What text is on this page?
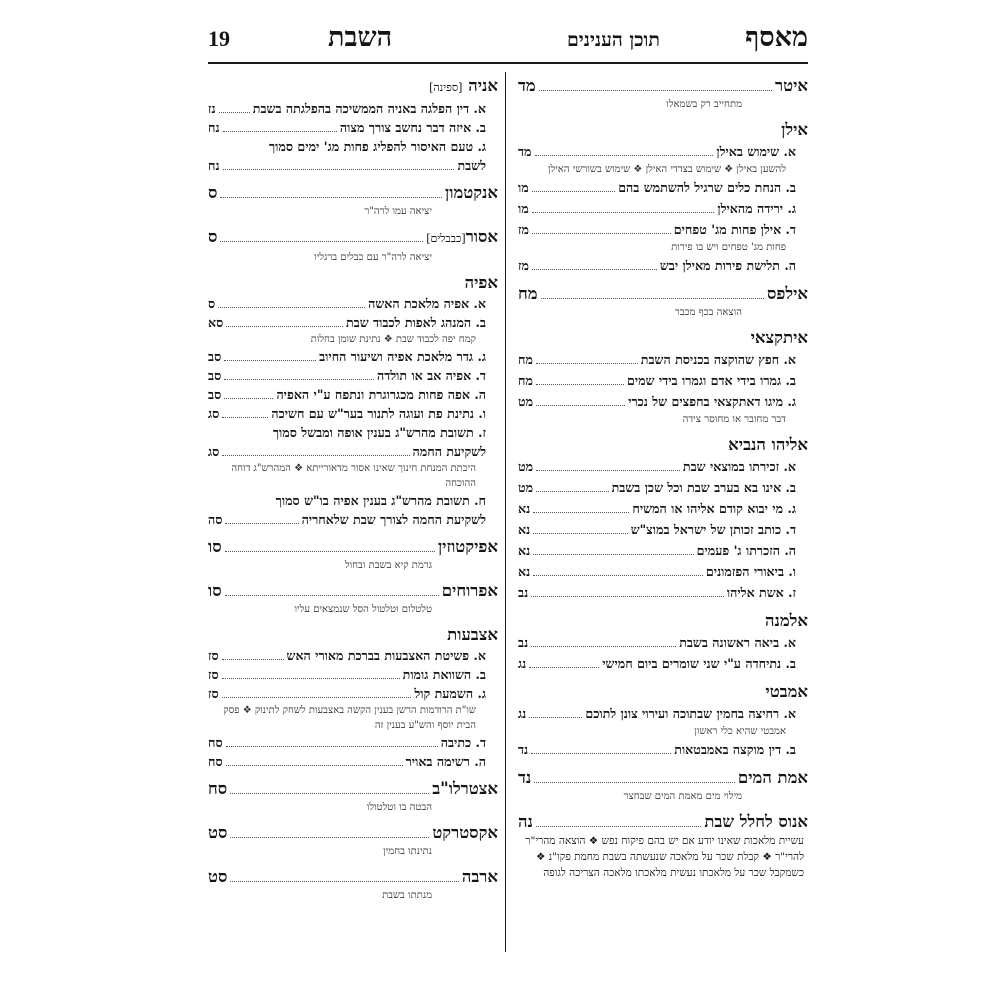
מאסף
תוכן הענינים
השבת
19
איטר
מד
מתחייב רק בשמאלו
אילן
א. שימוש באילן
מד
להשען באילן ❖ שימוש בצדדי האילן ❖ שימוש בשורשי האילן
ב. הנחת כלים שרגיל להשתמש בהם
מו
ג. ירידה מהאילן
מו
ד. אילן פחות מג' טפחים
מז
פחות מג' טפחים ויש בו פירות
ה. תלישת פירות מאילן יבש
מז
אילפס
מח
הוצאה בכף מכבר
איתקצאי
א. חפץ שהוקצה בכניסת השבת
מח
ב. גמרו בידי אדם וגמרו בידי שמים
מח
ג. מיגו דאתקצאי בחפצים של נכרי
מט
דבר מחובר או מחוסר צידה
אליהו הנביא
א. זכירתו במוצאי שבת
מט
ב. אינו בא בערב שבת וכל שכן בשבת
מט
ג. מי יבוא קודם אליהו או המשיח
נא
ד. כותב זכותן של ישראל במוצ"ש
נא
ה. הזכרתו ג' פעמים
נא
ו. ביאורי הפזמונים
נא
ז. אשת אליהו
נב
אלמנה
א. ביאה ראשונה בשבת
נב
ב. נתיחדה ע"י שני שומרים ביום חמישי
נג
אמבטי
א. רחיצה בחמין שבתוכה ועירוי צונן לתוכם
נג
אמבטי שהיא כלי ראשון
ב. דין מוקצה באמבטאות
נד
אמת המים
נד
מילוי מים מאמת המים שבחצר
אנוס לחלל שבת
נה
עשיית מלאכות שאינו יודע אם יש בהם פיקוח נפש ❖ הוצאה מהרי"ר להרי"ר ❖ קבלת שכר על מלאכה שנעשתה בשבת מחמת פקו"נ ❖ כשמקבל שכר על מלאכתו נעשית מלאכתו מלאכה הצריכה לגופה
אניה [ספינה]
א. דין הפלגה באניה הממשיכה בהפלגתה בשבת
נז
ב. איזה דבר נחשב צורך מצוה
נח
ג. טעם האיסור להפליג פחות מג' ימים סמוך
לשבת
נח
אנקטמון
ס
יציאה עמו לרה"ר
אסור
[כבבלים]
ס
יציאה לרה"ר עם כבלים ברגליו
אפיה
א. אפיה מלאכת האשה
ס
ב. המנהג לאפות לכבוד שבת
סא
קמח יפה לכבוד שבת ❖ נתינת שומן בחלות
ג. גדר מלאכת אפיה ושיעור החיוב
סב
ד. אפיה אב או תולדה
סב
ה. אפה פחות מכגרוגרת ונתפח ע"י האפיה
סב
ו. נתינת פת ועוגה לתנור בער"ש עם חשיכה
סג
ז. תשובת מהרש"ג בענין אופה ומבשל סמוך
לשקיעת החמה
סג
היכתת המנחת חינוך שאינו אסור מדאורייתא ❖ המהרש"ג דוחה ההוכחה
ח. תשובת מהרש"ג בענין אפיה בו"ש סמוך
לשקיעת החמה לצורך שבת שלאחריה
סה
אפיקטוזין
סו
גרמת קיא בשבת ובחול
אפרוחים
סו
טלטלום וטלטול הסל שנמצאים עליו
אצבעות
א. פשיטת האצבעות בברכת מאורי האש
סז
ב. השוואת גומות
סז
ג. השמעת קול
סז
שו"ת הרודמות הרשן בענין הקשה באצבעות לשחק לתינוק ❖ פסק הבית יוסף והש"ע בענין זה
ד. כתיבה
סח
ה. רשימה באויר
סח
אצטרלו"ב
סח
הבטה בו וטלטולו
אקסטרקט
סט
נתינתו בחמין
ארבה
סט
מנתתו בשבת
